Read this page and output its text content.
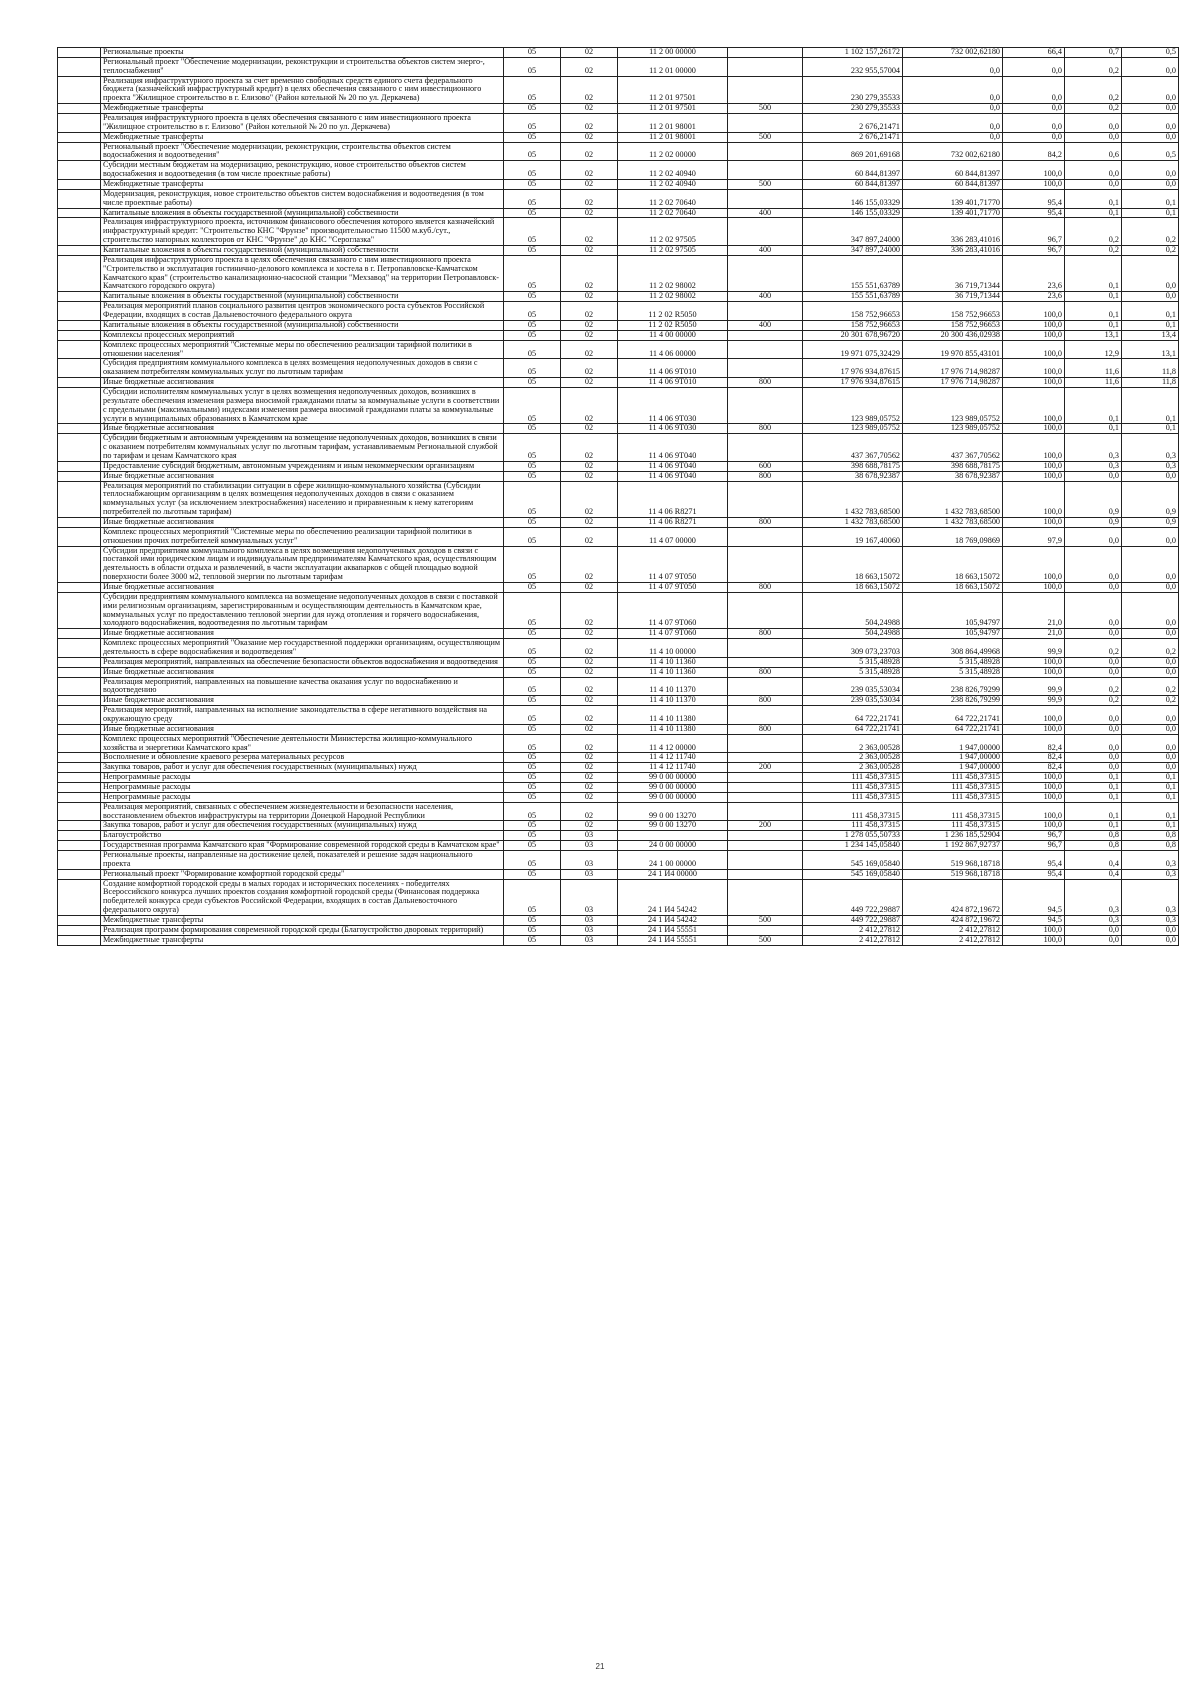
	Региональные проекты	05	02	11 2 00 00000		1 102 157,26172	732 002,62180	66,4	0,7	0,5
	Региональный проект "Обеспечение модернизации, реконструкции и строительства объектов систем энерго-, теплоснабжения"	05	02	11 2 01 00000		232 955,57004	0,0	0,0	0,2	0,0
	Реализация инфраструктурного проекта за счет временно свободных средств единого счета федерального бюджета (казначейский инфраструктурный кредит) в целях обеспечения связанного с ним инвестиционного проекта "Жилищное строительство в г. Елизово" (Район котельной № 20 по ул. Деркачева)	05	02	11 2 01 97501		230 279,35533	0,0	0,0	0,2	0,0
	Межбюджетные трансферты	05	02	11 2 01 97501	500	230 279,35533	0,0	0,0	0,2	0,0
	Реализация инфраструктурного проекта в целях обеспечения связанного с ним инвестиционного проекта "Жилищное строительство в г. Елизово" (Район котельной № 20 по ул. Деркачева)	05	02	11 2 01 98001		2 676,21471	0,0	0,0	0,0	0,0
	Межбюджетные трансферты	05	02	11 2 01 98001	500	2 676,21471	0,0	0,0	0,0	0,0
	Региональный проект "Обеспечение модернизации, реконструкции, строительства объектов систем водоснабжения и водоотведения"	05	02	11 2 02 00000		869 201,69168	732 002,62180	84,2	0,6	0,5
	Субсидии местным бюджетам на модернизацию, реконструкцию, новое строительство объектов систем водоснабжения и водоотведения (в том числе проектные работы)	05	02	11 2 02 40940		60 844,81397	60 844,81397	100,0	0,0	0,0
	Межбюджетные трансферты	05	02	11 2 02 40940	500	60 844,81397	60 844,81397	100,0	0,0	0,0
	Модернизация, реконструкция, новое строительство объектов систем водоснабжения и водоотведения (в том числе проектные работы)	05	02	11 2 02 70640		146 155,03329	139 401,71770	95,4	0,1	0,1
	Капитальные вложения в объекты государственной (муниципальной) собственности	05	02	11 2 02 70640	400	146 155,03329	139 401,71770	95,4	0,1	0,1
	Реализация инфраструктурного проекта, источником финансового обеспечения которого является казначейский инфраструктурный кредит: "Строительство КНС "Фрунзе" производительностью 11500 м.куб./сут., строительство напорных коллекторов от КНС "Фрунзе" до КНС "Сероглазка"	05	02	11 2 02 97505		347 897,24000	336 283,41016	96,7	0,2	0,2
	Капитальные вложения в объекты государственной (муниципальной) собственности	05	02	11 2 02 97505	400	347 897,24000	336 283,41016	96,7	0,2	0,2
	Реализация инфраструктурного проекта в целях обеспечения связанного с ним инвестиционного проекта "Строительство и эксплуатация гостинично-делового комплекса и хостела в г. Петропавловске-Камчатском Камчатского края" (строительство канализационно-насосной станции "Мехзавод" на территории Петропавловск-Камчатского городского округа)	05	02	11 2 02 98002		155 551,63789	36 719,71344	23,6	0,1	0,0
	Капитальные вложения в объекты государственной (муниципальной) собственности	05	02	11 2 02 98002	400	155 551,63789	36 719,71344	23,6	0,1	0,0
	Реализация мероприятий планов социального развития центров экономического роста субъектов Российской Федерации, входящих в состав Дальневосточного федерального округа	05	02	11 2 02 R5050		158 752,96653	158 752,96653	100,0	0,1	0,1
	Капитальные вложения в объекты государственной (муниципальной) собственности	05	02	11 2 02 R5050	400	158 752,96653	158 752,96653	100,0	0,1	0,1
	Комплексы процессных мероприятий	05	02	11 4 00 00000		20 301 678,96720	20 300 436,02938	100,0	13,1	13,4
	Комплекс процессных мероприятий "Системные меры по обеспечению реализации тарифной политики в отношении населения"	05	02	11 4 06 00000		19 971 075,32429	19 970 855,43101	100,0	12,9	13,1
	Субсидия предприятиям коммунального комплекса в целях возмещения недополученных доходов в связи с оказанием потребителям коммунальных услуг по льготным тарифам	05	02	11 4 06 9Т010		17 976 934,87615	17 976 714,98287	100,0	11,6	11,8
	Иные бюджетные ассигнования	05	02	11 4 06 9Т010	800	17 976 934,87615	17 976 714,98287	100,0	11,6	11,8
	Субсидии исполнителям коммунальных услуг в целях возмещения недополученных доходов, возникших в результате обеспечения изменения размера вносимой гражданами платы за коммунальные услуги в соответствии с предельными (максимальными) индексами изменения размера вносимой гражданами платы за коммунальные услуги в муниципальных образованиях в Камчатском крае	05	02	11 4 06 9Т030		123 989,05752	123 989,05752	100,0	0,1	0,1
	Иные бюджетные ассигнования	05	02	11 4 06 9Т030	800	123 989,05752	123 989,05752	100,0	0,1	0,1
	Субсидии бюджетным и автономным учреждениям на возмещение недополученных доходов, возникших в связи с оказанием потребителям коммунальных услуг по льготным тарифам, устанавливаемым Региональной службой по тарифам и ценам Камчатского края	05	02	11 4 06 9Т040		437 367,70562	437 367,70562	100,0	0,3	0,3
	Предоставление субсидий бюджетным, автономным учреждениям и иным некоммерческим организациям	05	02	11 4 06 9Т040	600	398 688,78175	398 688,78175	100,0	0,3	0,3
	Иные бюджетные ассигнования	05	02	11 4 06 9Т040	800	38 678,92387	38 678,92387	100,0	0,0	0,0
	Реализация мероприятий по стабилизации ситуации в сфере жилищно-коммунального хозяйства (Субсидии теплоснабжающим организациям в целях возмещения недополученных доходов в связи с оказанием коммунальных услуг (за исключением электроснабжения) населению и приравненным к нему категориям потребителей по льготным тарифам)	05	02	11 4 06 R8271		1 432 783,68500	1 432 783,68500	100,0	0,9	0,9
	Иные бюджетные ассигнования	05	02	11 4 06 R8271	800	1 432 783,68500	1 432 783,68500	100,0	0,9	0,9
	Комплекс процессных мероприятий "Системные меры по обеспечению реализации тарифной политики в отношении прочих потребителей коммунальных услуг"	05	02	11 4 07 00000		19 167,40060	18 769,09869	97,9	0,0	0,0
	Субсидии предприятиям коммунального комплекса в целях возмещения недополученных доходов в связи с поставкой ими юридическим лицам и индивидуальным предпринимателям Камчатского края, осуществляющим деятельность в области отдыха и развлечений, в части эксплуатации аквапарков с общей площадью водной поверхности более 3000 м2, тепловой энергии по льготным тарифам	05	02	11 4 07 9Т050		18 663,15072	18 663,15072	100,0	0,0	0,0
	Иные бюджетные ассигнования	05	02	11 4 07 9Т050	800	18 663,15072	18 663,15072	100,0	0,0	0,0
	Субсидии предприятиям коммунального комплекса на возмещение недополученных доходов в связи с поставкой ими религиозным организациям, зарегистрированным и осуществляющим деятельность в Камчатском крае, коммунальных услуг по предоставлению тепловой энергии для нужд отопления и горячего водоснабжения, холодного водоснабжения, водоотведения по льготным тарифам	05	02	11 4 07 9Т060		504,24988	105,94797	21,0	0,0	0,0
	Иные бюджетные ассигнования	05	02	11 4 07 9Т060	800	504,24988	105,94797	21,0	0,0	0,0
	Комплекс процессных мероприятий "Оказание мер государственной поддержки организациям, осуществляющим деятельность в сфере водоснабжения и водоотведения"	05	02	11 4 10 00000		309 073,23703	308 864,49968	99,9	0,2	0,2
	Реализация мероприятий, направленных на обеспечение безопасности объектов водоснабжения и водоотведения	05	02	11 4 10 11360		5 315,48928	5 315,48928	100,0	0,0	0,0
	Иные бюджетные ассигнования	05	02	11 4 10 11360	800	5 315,48928	5 315,48928	100,0	0,0	0,0
	Реализация мероприятий, направленных на повышение качества оказания услуг по водоснабжению и водоотведению	05	02	11 4 10 11370		239 035,53034	238 826,79299	99,9	0,2	0,2
	Иные бюджетные ассигнования	05	02	11 4 10 11370	800	239 035,53034	238 826,79299	99,9	0,2	0,2
	Реализация мероприятий, направленных на исполнение законодательства в сфере негативного воздействия на окружающую среду	05	02	11 4 10 11380		64 722,21741	64 722,21741	100,0	0,0	0,0
	Иные бюджетные ассигнования	05	02	11 4 10 11380	800	64 722,21741	64 722,21741	100,0	0,0	0,0
	Комплекс процессных мероприятий "Обеспечение деятельности Министерства жилищно-коммунального хозяйства и энергетики Камчатского края"	05	02	11 4 12 00000		2 363,00528	1 947,00000	82,4	0,0	0,0
	Восполнение и обновление краевого резерва материальных ресурсов	05	02	11 4 12 11740		2 363,00528	1 947,00000	82,4	0,0	0,0
	Закупка товаров, работ и услуг для обеспечения государственных (муниципальных) нужд	05	02	11 4 12 11740	200	2 363,00528	1 947,00000	82,4	0,0	0,0
	Непрограммные расходы	05	02	99 0 00 00000		111 458,37315	111 458,37315	100,0	0,1	0,1
	Непрограммные расходы	05	02	99 0 00 00000		111 458,37315	111 458,37315	100,0	0,1	0,1
	Непрограммные расходы	05	02	99 0 00 00000		111 458,37315	111 458,37315	100,0	0,1	0,1
	Реализация мероприятий, связанных с обеспечением жизнедеятельности и безопасности населения, восстановлением объектов инфраструктуры на территории Донецкой Народной Республики	05	02	99 0 00 13270		111 458,37315	111 458,37315	100,0	0,1	0,1
	Закупка товаров, работ и услуг для обеспечения государственных (муниципальных) нужд	05	02	99 0 00 13270	200	111 458,37315	111 458,37315	100,0	0,1	0,1
	Благоустройство	05	03			1 278 055,50733	1 236 185,52904	96,7	0,8	0,8
	Государственная программа Камчатского края "Формирование современной городской среды в Камчатском крае"	05	03	24 0 00 00000		1 234 145,05840	1 192 867,92737	96,7	0,8	0,8
	Региональные проекты, направленные на достижение целей, показателей и решение задач национального проекта	05	03	24 1 00 00000		545 169,05840	519 968,18718	95,4	0,4	0,3
	Региональный проект "Формирование комфортной городской среды"	05	03	24 1 И4 00000		545 169,05840	519 968,18718	95,4	0,4	0,3
	Создание комфортной городской среды в малых городах и исторических поселениях - победителях Всероссийского конкурса лучших проектов создания комфортной городской среды (Финансовая поддержка победителей конкурса среди субъектов Российской Федерации, входящих в состав Дальневосточного федерального округа)	05	03	24 1 И4 54242		449 722,29887	424 872,19672	94,5	0,3	0,3
	Межбюджетные трансферты	05	03	24 1 И4 54242	500	449 722,29887	424 872,19672	94,5	0,3	0,3
	Реализация программ формирования современной городской среды (Благоустройство дворовых территорий)	05	03	24 1 И4 55551		2 412,27812	2 412,27812	100,0	0,0	0,0
	Межбюджетные трансферты	05	03	24 1 И4 55551	500	2 412,27812	2 412,27812	100,0	0,0	0,0
21
